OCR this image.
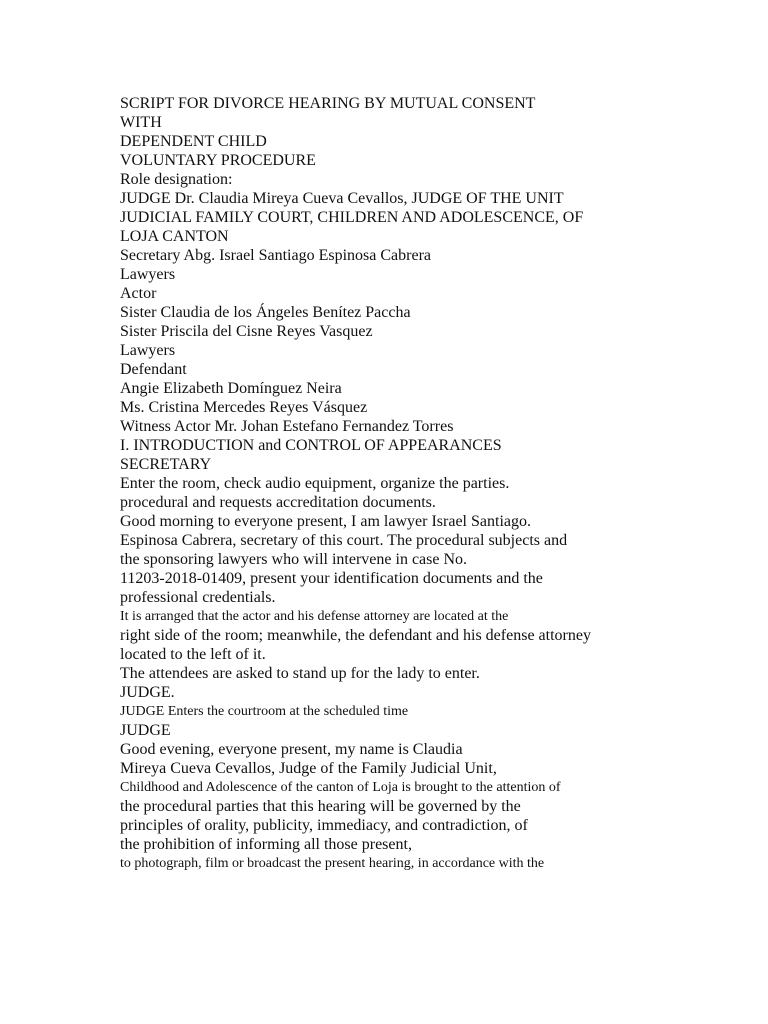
SCRIPT FOR DIVORCE HEARING BY MUTUAL CONSENT
WITH
DEPENDENT CHILD
VOLUNTARY PROCEDURE
Role designation:
JUDGE Dr. Claudia Mireya Cueva Cevallos, JUDGE OF THE UNIT
JUDICIAL FAMILY COURT, CHILDREN AND ADOLESCENCE, OF
LOJA CANTON
Secretary Abg. Israel Santiago Espinosa Cabrera
Lawyers
Actor
Sister Claudia de los Ángeles Benítez Paccha
Sister Priscila del Cisne Reyes Vasquez
Lawyers
Defendant
Angie Elizabeth Domínguez Neira
Ms. Cristina Mercedes Reyes Vásquez
Witness Actor Mr. Johan Estefano Fernandez Torres
I. INTRODUCTION and CONTROL OF APPEARANCES
SECRETARY
Enter the room, check audio equipment, organize the parties.
procedural and requests accreditation documents.
Good morning to everyone present, I am lawyer Israel Santiago.
Espinosa Cabrera, secretary of this court. The procedural subjects and
the sponsoring lawyers who will intervene in case No.
11203-2018-01409, present your identification documents and the
professional credentials.
It is arranged that the actor and his defense attorney are located at the
right side of the room; meanwhile, the defendant and his defense attorney
located to the left of it.
The attendees are asked to stand up for the lady to enter.
JUDGE.
JUDGE Enters the courtroom at the scheduled time
JUDGE
Good evening, everyone present, my name is Claudia
Mireya Cueva Cevallos, Judge of the Family Judicial Unit,
Childhood and Adolescence of the canton of Loja is brought to the attention of
the procedural parties that this hearing will be governed by the
principles of orality, publicity, immediacy, and contradiction, of
the prohibition of informing all those present,
to photograph, film or broadcast the present hearing, in accordance with the
